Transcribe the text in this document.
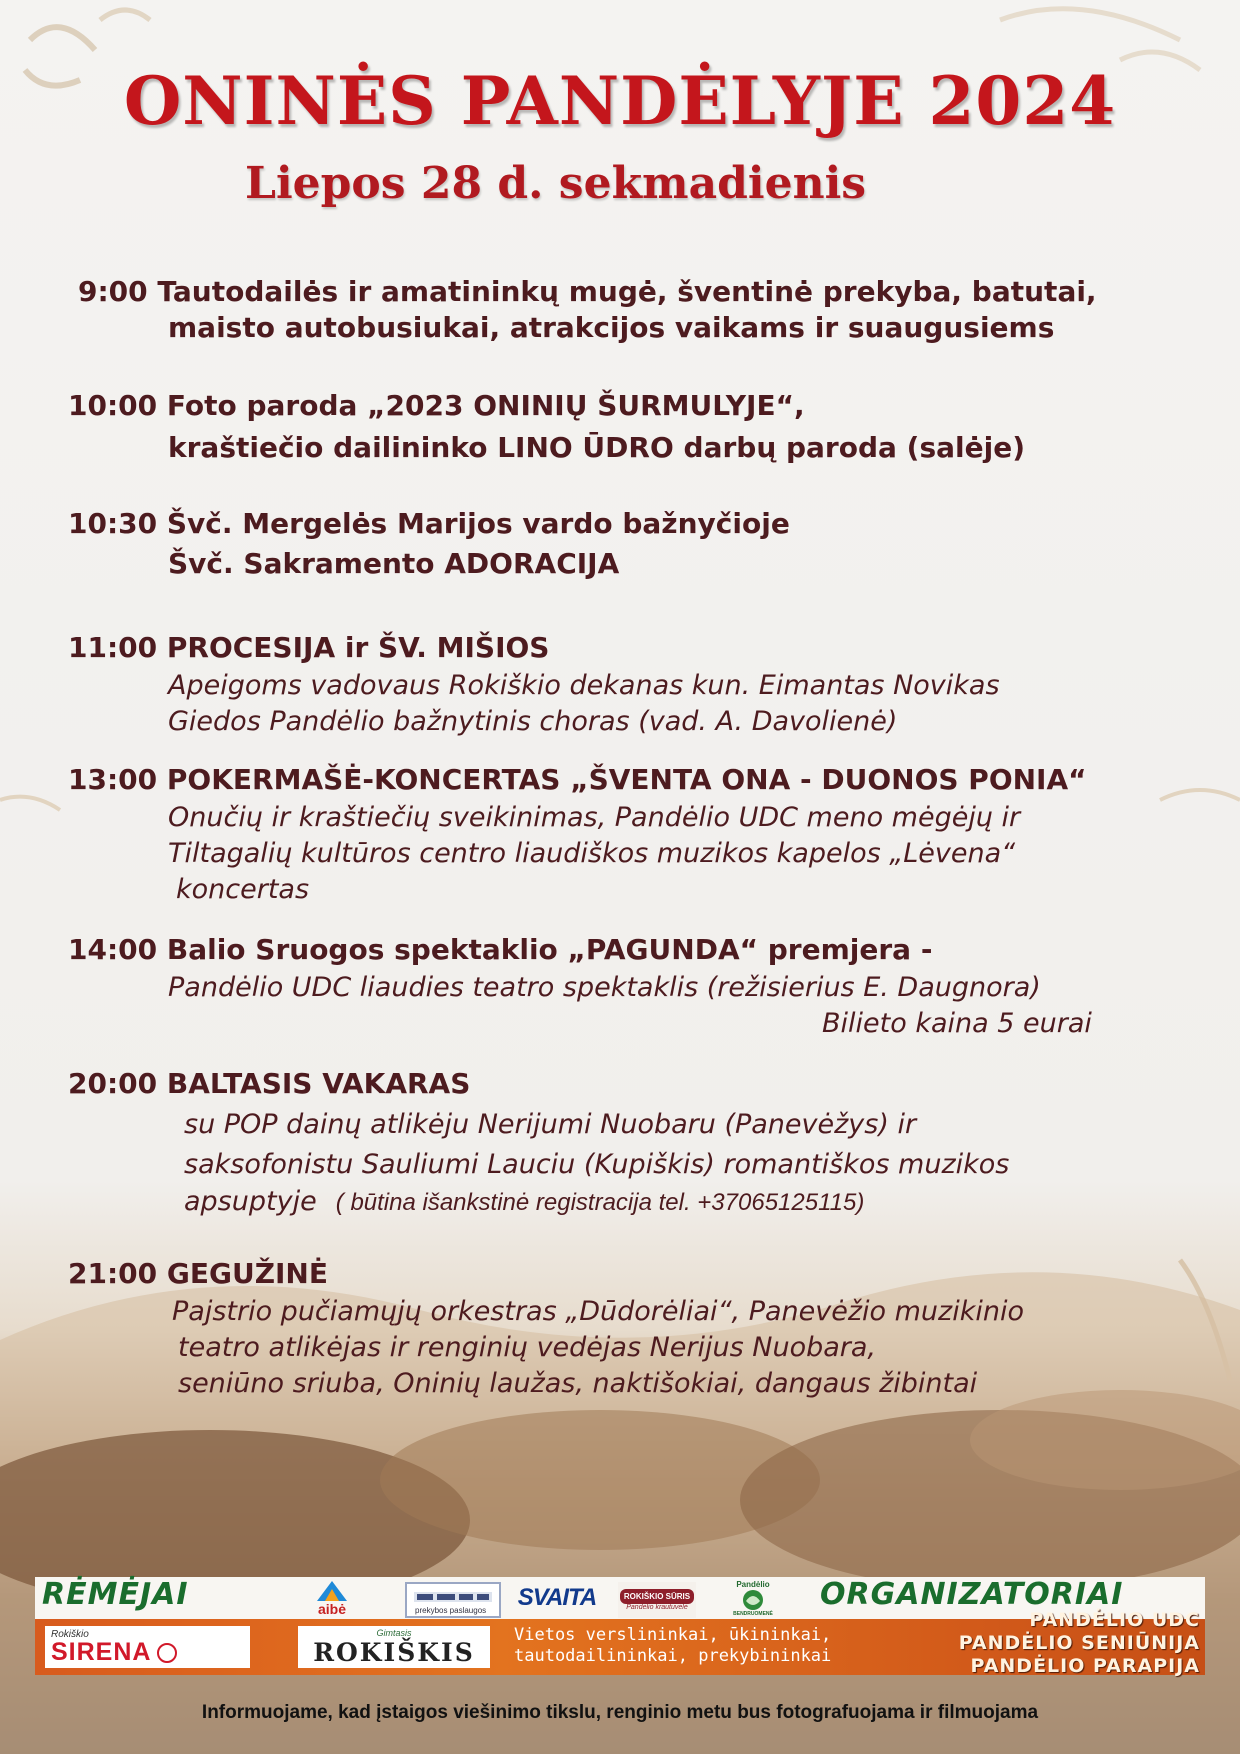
ONINĖS PANDĖLYJE 2024
Liepos 28 d. sekmadienis
9:00 Tautodailės ir amatininkų mugė, šventinė prekyba, batutai,
maisto autobusiukai, atrakcijos vaikams ir suaugusiems
10:00 Foto paroda „2023 ONINIŲ ŠURMULYJE“,
kraštiečio dailininko LINO ŪDRO darbų paroda (salėje)
10:30 Švč. Mergelės Marijos vardo bažnyčioje
Švč. Sakramento ADORACIJA
11:00 PROCESIJA ir ŠV. MIŠIOS
Apeigoms vadovaus Rokiškio dekanas kun. Eimantas Novikas
Giedos Pandėlio bažnytinis choras (vad. A. Davolienė)
13:00 POKERMAŠĖ-KONCERTAS „ŠVENTA ONA - DUONOS PONIA“
Onučių ir kraštiečių sveikinimas, Pandėlio UDC meno mėgėjų ir
Tiltagalių kultūros centro liaudiškos muzikos kapelos „Lėvena“
koncertas
14:00 Balio Sruogos spektaklio „PAGUNDA“ premjera -
Pandėlio UDC liaudies teatro spektaklis (režisierius E. Daugnora)
Bilieto kaina 5 eurai
20:00 BALTASIS VAKARAS
su POP dainų atlikėju Nerijumi Nuobaru (Panevėžys) ir
saksofonistu Sauliumi Lauciu (Kupiškis) romantiškos muzikos
apsuptyje ( būtina išankstinė registracija tel. +37065125115)
21:00 GEGUŽINĖ
Pajstrio pučiamųjų orkestras „Dūdorėliai“, Panevėžio muzikinio
teatro atlikėjas ir renginių vedėjas Nerijus Nuobara,
seniūno sriuba, Oninių laužas, naktišokiai, dangaus žibintai
RĖMĖJAI	ORGANIZATORIAI
aibė	prekybos paslaugos SVAITA	ROKIŠKIO SŪRIS
Pandėlio krautuvėlė
Pandėlio
BENDRUOMENĖ
Rokiškio
SIRENA
Gimtasis
ROKIŠKIS
Vietos verslininkai, ūkininkai,
tautodailininkai, prekybininkai
PANDĖLIO UDC
PANDĖLIO SENIŪNIJA
PANDĖLIO PARAPIJA
Informuojame, kad įstaigos viešinimo tikslu, renginio metu bus fotografuojama ir filmuojama
